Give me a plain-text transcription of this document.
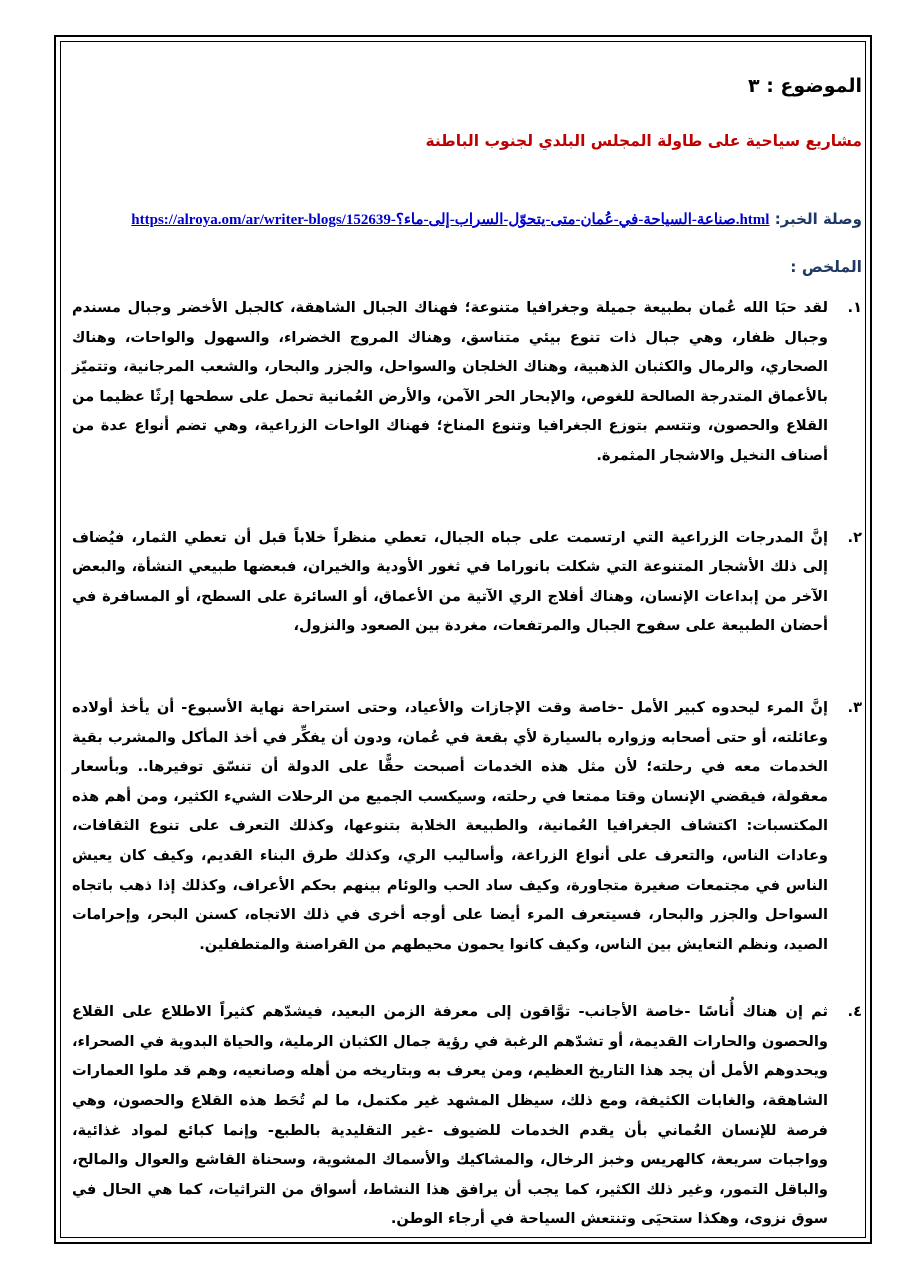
الموضوع : ٣
مشاريع سياحية على طاولة المجلس البلدي لجنوب الباطنة
وصلة الخبر: https://alroya.om/ar/writer-blogs/152639-صناعة-السياحة-في-عُمان-متى-يتحوّل-السراب-إلى-ماء؟.html
الملخص :
١.
لقد حبَا الله عُمان بطبيعة جميلة وجغرافيا متنوعة؛ فهناك الجبال الشاهقة، كالجبل الأخضر وجبال مسندم وجبال ظفار، وهي جبال ذات تنوع بيئي متناسق، وهناك المروج الخضراء، والسهول والواحات، وهناك الصحاري، والرمال والكثبان الذهبية، وهناك الخلجان والسواحل، والجزر والبحار، والشعب المرجانية، وتتميّز بالأعماق المتدرجة الصالحة للغوص، والإبحار الحر الآمن، والأرض العُمانية تحمل على سطحها إرثًا عظيما من القلاع والحصون، وتتسم بتوزع الجغرافيا وتنوع المناخ؛ فهناك الواحات الزراعية، وهي تضم أنواع عدة من أصناف النخيل والاشجار المثمرة.
٢.
إنَّ المدرجات الزراعية التي ارتسمت على جباه الجبال، تعطي منظراً خلاباً قبل أن تعطي الثمار، فيُضاف إلى ذلك الأشجار المتنوعة التي شكلت بانوراما في ثغور الأودية والخيران، فبعضها طبيعي النشأة، والبعض الآخر من إبداعات الإنسان، وهناك أفلاج الري الآتية من الأعماق، أو السائرة على السطح، أو المسافرة في أحضان الطبيعة على سفوح الجبال والمرتفعات، مغردة بين الصعود والنزول،
٣.
إنَّ المرء ليحدوه كبير الأمل -خاصة وقت الإجازات والأعياد، وحتى استراحة نهاية الأسبوع- أن يأخذ أولاده وعائلته، أو حتى أصحابه وزواره بالسيارة لأي بقعة في عُمان، ودون أن يفكِّر في أخذ المأكل والمشرب بقية الخدمات معه في رحلته؛ لأن مثل هذه الخدمات أصبحت حقًّا على الدولة أن تنسّق توفيرها.. وبأسعار معقولة، فيقضي الإنسان وقتا ممتعا في رحلته، وسيكسب الجميع من الرحلات الشيء الكثير، ومن أهم هذه المكتسبات: اكتشاف الجغرافيا العُمانية، والطبيعة الخلابة بتنوعها، وكذلك التعرف على تنوع الثقافات، وعادات الناس، والتعرف على أنواع الزراعة، وأساليب الري، وكذلك طرق البناء القديم، وكيف كان يعيش الناس في مجتمعات صغيرة متجاورة، وكيف ساد الحب والوئام بينهم بحكم الأعراف، وكذلك إذا ذهب باتجاه السواحل والجزر والبحار، فسيتعرف المرء أيضا على أوجه أخرى في ذلك الاتجاه، كسنن البحر، وإحرامات الصيد، ونظم التعايش بين الناس، وكيف كانوا يحمون محيطهم من القراصنة والمتطفلين.
٤.
ثم إن هناك أُناسًا -خاصة الأجانب- توَّاقون إلى معرفة الزمن البعيد، فيشدّهم كثيراً الاطلاع على القلاع والحصون والحارات القديمة، أو تشدّهم الرغبة في رؤية جمال الكثبان الرملية، والحياة البدوية في الصحراء، ويحدوهم الأمل أن يجد هذا التاريخ العظيم، ومن يعرف به وبتاريخه من أهله وصانعيه، وهم قد ملوا العمارات الشاهقة، والغابات الكثيفة، ومع ذلك، سيظل المشهد غير مكتمل، ما لم تُحَط هذه القلاع والحصون، وهي فرصة للإنسان العُماني بأن يقدم الخدمات للضيوف -غير التقليدية بالطبع- وإنما كبائع لمواد غذائية، وواجبات سريعة، كالهريس وخبز الرخال، والمشاكيك والأسماك المشوية، وسحناة القاشع والعوال والمالح، والباقل التمور، وغير ذلك الكثير، كما يجب أن يرافق هذا النشاط، أسواق من التراثيات، كما هي الحال في سوق نزوى، وهكذا ستحيَى وتنتعش السياحة في أرجاء الوطن.
